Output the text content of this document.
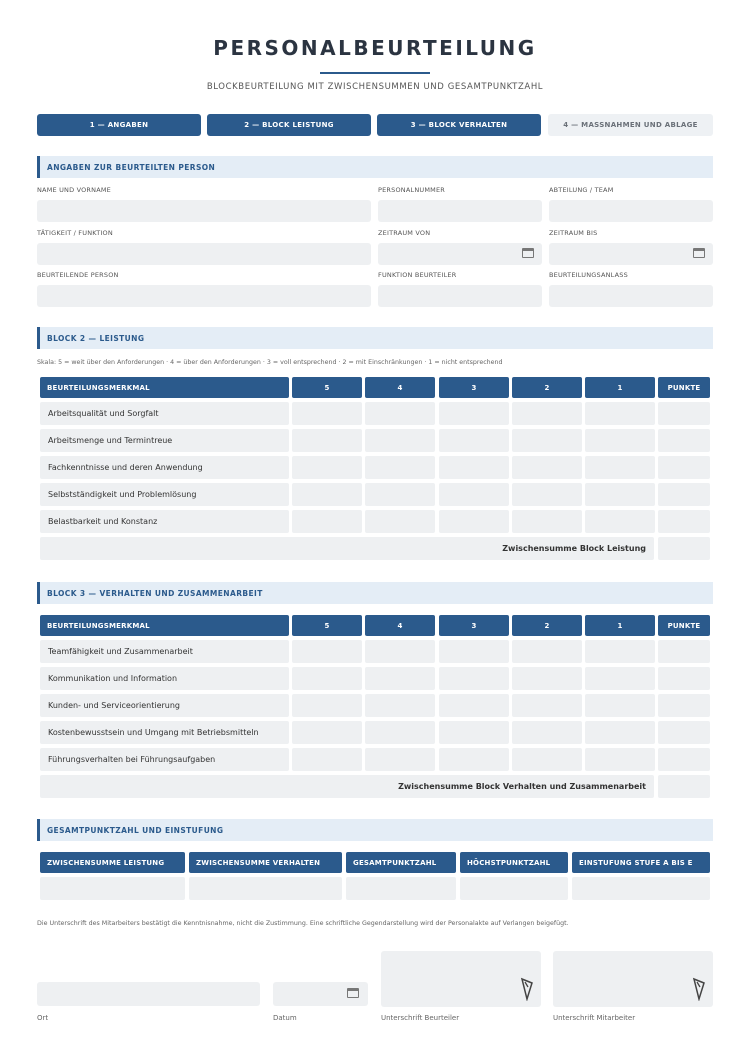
PERSONALBEURTEILUNG
BLOCKBEURTEILUNG MIT ZWISCHENSUMMEN UND GESAMTPUNKTZAHL
1 — ANGABEN	2 — BLOCK LEISTUNG	3 — BLOCK VERHALTEN	4 — MASSNAHMEN UND ABLAGE
ANGABEN ZUR BEURTEILTEN PERSON
NAME UND VORNAME	PERSONALNUMMER	ABTEILUNG / TEAM
TÄTIGKEIT / FUNKTION	ZEITRAUM VON	ZEITRAUM BIS
BEURTEILENDE PERSON	FUNKTION BEURTEILER	BEURTEILUNGSANLASS
BLOCK 2 — LEISTUNG
Skala: 5 = weit über den Anforderungen · 4 = über den Anforderungen · 3 = voll entsprechend · 2 = mit Einschränkungen · 1 = nicht entsprechend
BEURTEILUNGSMERKMAL	5	4	3	2	1	PUNKTE
Arbeitsqualität und Sorgfalt
Arbeitsmenge und Termintreue
Fachkenntnisse und deren Anwendung
Selbstständigkeit und Problemlösung
Belastbarkeit und Konstanz
Zwischensumme Block Leistung
BLOCK 3 — VERHALTEN UND ZUSAMMENARBEIT
BEURTEILUNGSMERKMAL	5	4	3	2	1	PUNKTE
Teamfähigkeit und Zusammenarbeit
Kommunikation und Information
Kunden- und Serviceorientierung
Kostenbewusstsein und Umgang mit Betriebsmitteln
Führungsverhalten bei Führungsaufgaben
Zwischensumme Block Verhalten und Zusammenarbeit
GESAMTPUNKTZAHL UND EINSTUFUNG
ZWISCHENSUMME LEISTUNG	ZWISCHENSUMME VERHALTEN	GESAMTPUNKTZAHL	HÖCHSTPUNKTZAHL	EINSTUFUNG STUFE A BIS E
Die Unterschrift des Mitarbeiters bestätigt die Kenntnisnahme, nicht die Zustimmung. Eine schriftliche Gegendarstellung wird der Personalakte auf Verlangen beigefügt.
Ort	Datum	Unterschrift Beurteiler	Unterschrift Mitarbeiter
